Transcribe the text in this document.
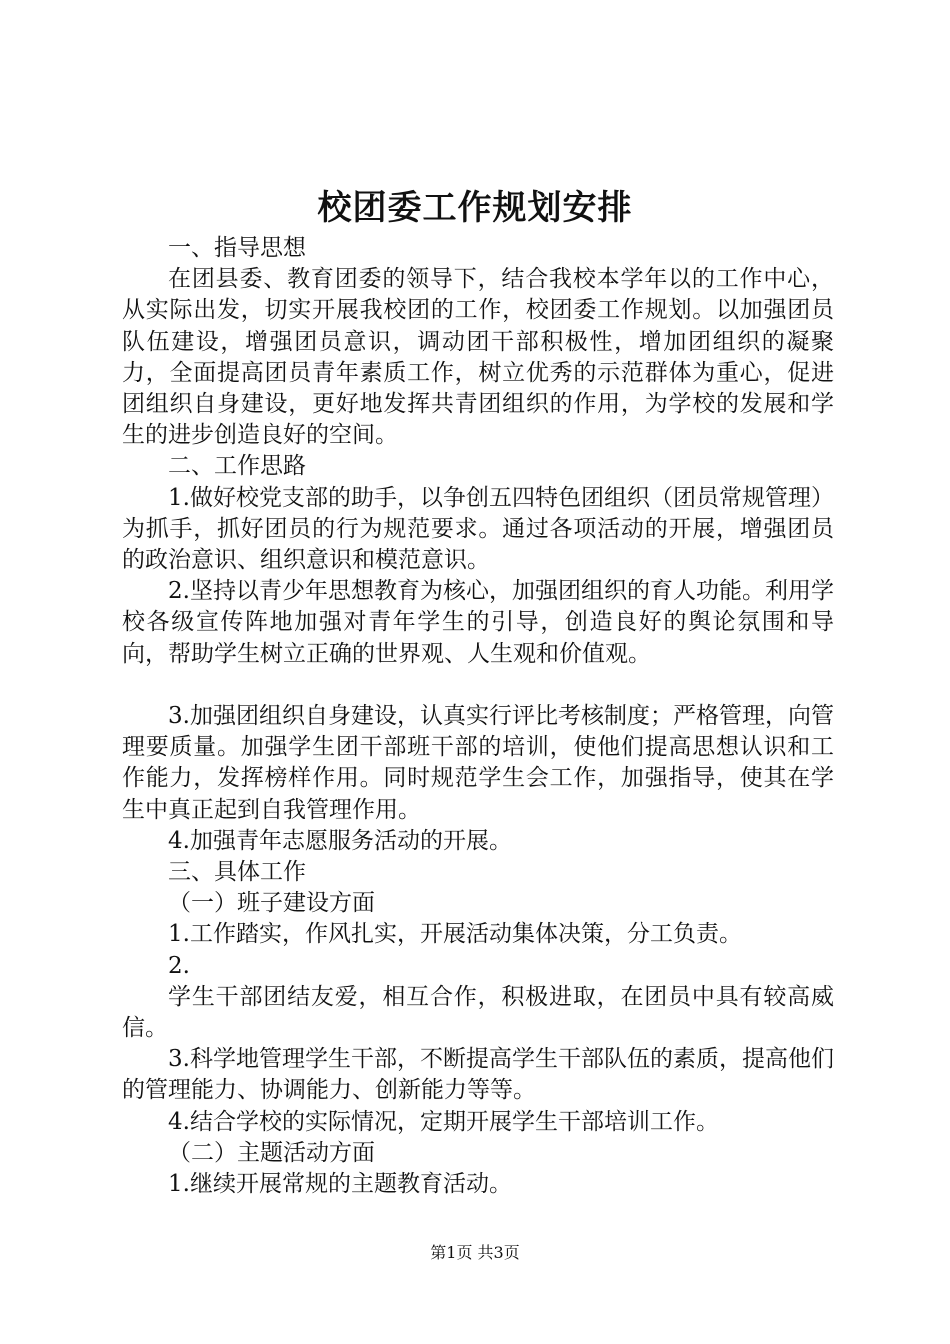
校团委工作规划安排

一、指导思想

在团县委、教育团委的领导下，结合我校本学年以的工作中心，从实际出发，切实开展我校团的工作，校团委工作规划。以加强团员队伍建设，增强团员意识，调动团干部积极性，增加团组织的凝聚力，全面提高团员青年素质工作，树立优秀的示范群体为重心，促进团组织自身建设，更好地发挥共青团组织的作用，为学校的发展和学生的进步创造良好的空间。

二、工作思路

1.做好校党支部的助手，以争创五四特色团组织（团员常规管理）为抓手，抓好团员的行为规范要求。通过各项活动的开展，增强团员的政治意识、组织意识和模范意识。

2.坚持以青少年思想教育为核心，加强团组织的育人功能。利用学校各级宣传阵地加强对青年学生的引导，创造良好的舆论氛围和导向，帮助学生树立正确的世界观、人生观和价值观。

3.加强团组织自身建设，认真实行评比考核制度；严格管理，向管理要质量。加强学生团干部班干部的培训，使他们提高思想认识和工作能力，发挥榜样作用。同时规范学生会工作，加强指导，使其在学生中真正起到自我管理作用。

4.加强青年志愿服务活动的开展。

三、具体工作

（一）班子建设方面

1.工作踏实，作风扎实，开展活动集体决策，分工负责。

2.

学生干部团结友爱，相互合作，积极进取，在团员中具有较高威信。

3.科学地管理学生干部，不断提高学生干部队伍的素质，提高他们的管理能力、协调能力、创新能力等等。

4.结合学校的实际情况，定期开展学生干部培训工作。

（二）主题活动方面

1.继续开展常规的主题教育活动。

第1页 共3页
